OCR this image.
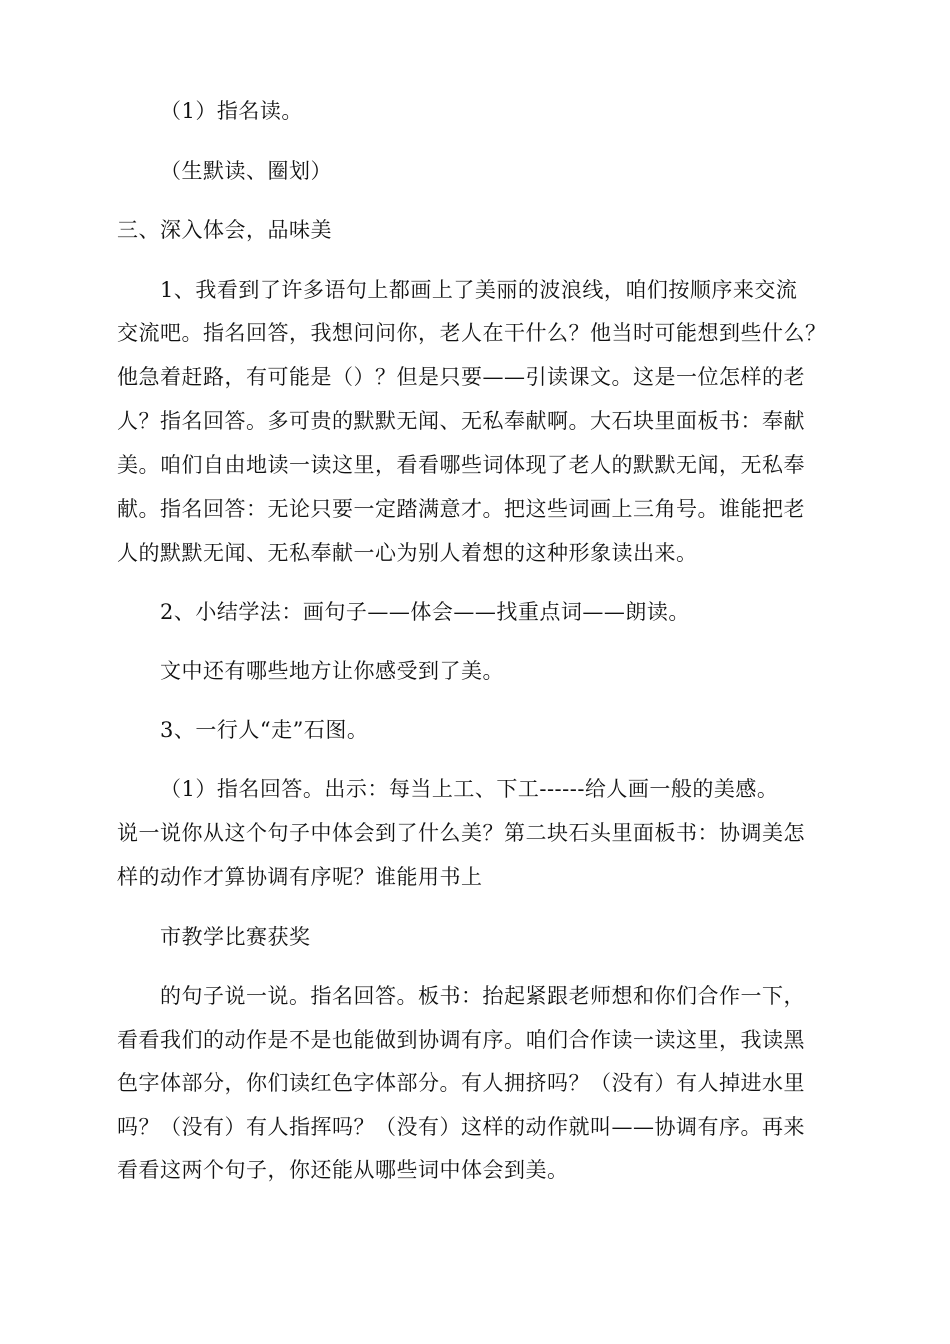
（1）指名读。
（生默读、圈划）
三、深入体会，品味美
1、我看到了许多语句上都画上了美丽的波浪线，咱们按顺序来交流
交流吧。指名回答，我想问问你，老人在干什么？他当时可能想到些什么？
他急着赶路，有可能是（）？但是只要——引读课文。这是一位怎样的老
人？指名回答。多可贵的默默无闻、无私奉献啊。大石块里面板书：奉献
美。咱们自由地读一读这里，看看哪些词体现了老人的默默无闻，无私奉
献。指名回答：无论只要一定踏满意才。把这些词画上三角号。谁能把老
人的默默无闻、无私奉献一心为别人着想的这种形象读出来。
2、小结学法：画句子——体会——找重点词——朗读。
文中还有哪些地方让你感受到了美。
3、一行人“走”石图。
（1）指名回答。出示：每当上工、下工------给人画一般的美感。
说一说你从这个句子中体会到了什么美？第二块石头里面板书：协调美怎
样的动作才算协调有序呢？谁能用书上
市教学比赛获奖
的句子说一说。指名回答。板书：抬起紧跟老师想和你们合作一下，
看看我们的动作是不是也能做到协调有序。咱们合作读一读这里，我读黑
色字体部分，你们读红色字体部分。有人拥挤吗？（没有）有人掉进水里
吗？（没有）有人指挥吗？（没有）这样的动作就叫——协调有序。再来
看看这两个句子，你还能从哪些词中体会到美。
